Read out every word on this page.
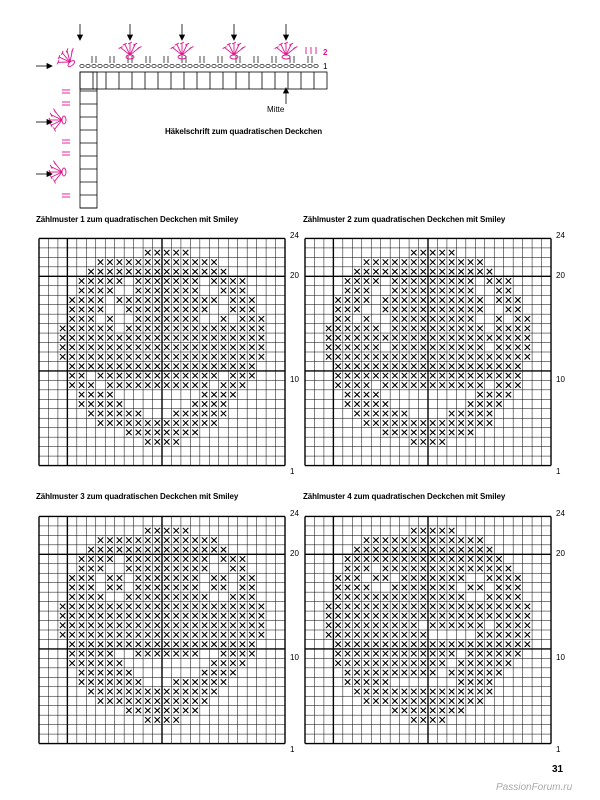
Mitte
2
1
Häkelschrift zum quadratischen Deckchen
Zählmuster 1 zum quadratischen Deckchen mit Smiley
24
20
10
1
Zählmuster 2 zum quadratischen Deckchen mit Smiley
24
20
10
1
Zählmuster 3 zum quadratischen Deckchen mit Smiley
24
20
10
1
Zählmuster 4 zum quadratischen Deckchen mit Smiley
24
20
10
1
31
PassionForum.ru
